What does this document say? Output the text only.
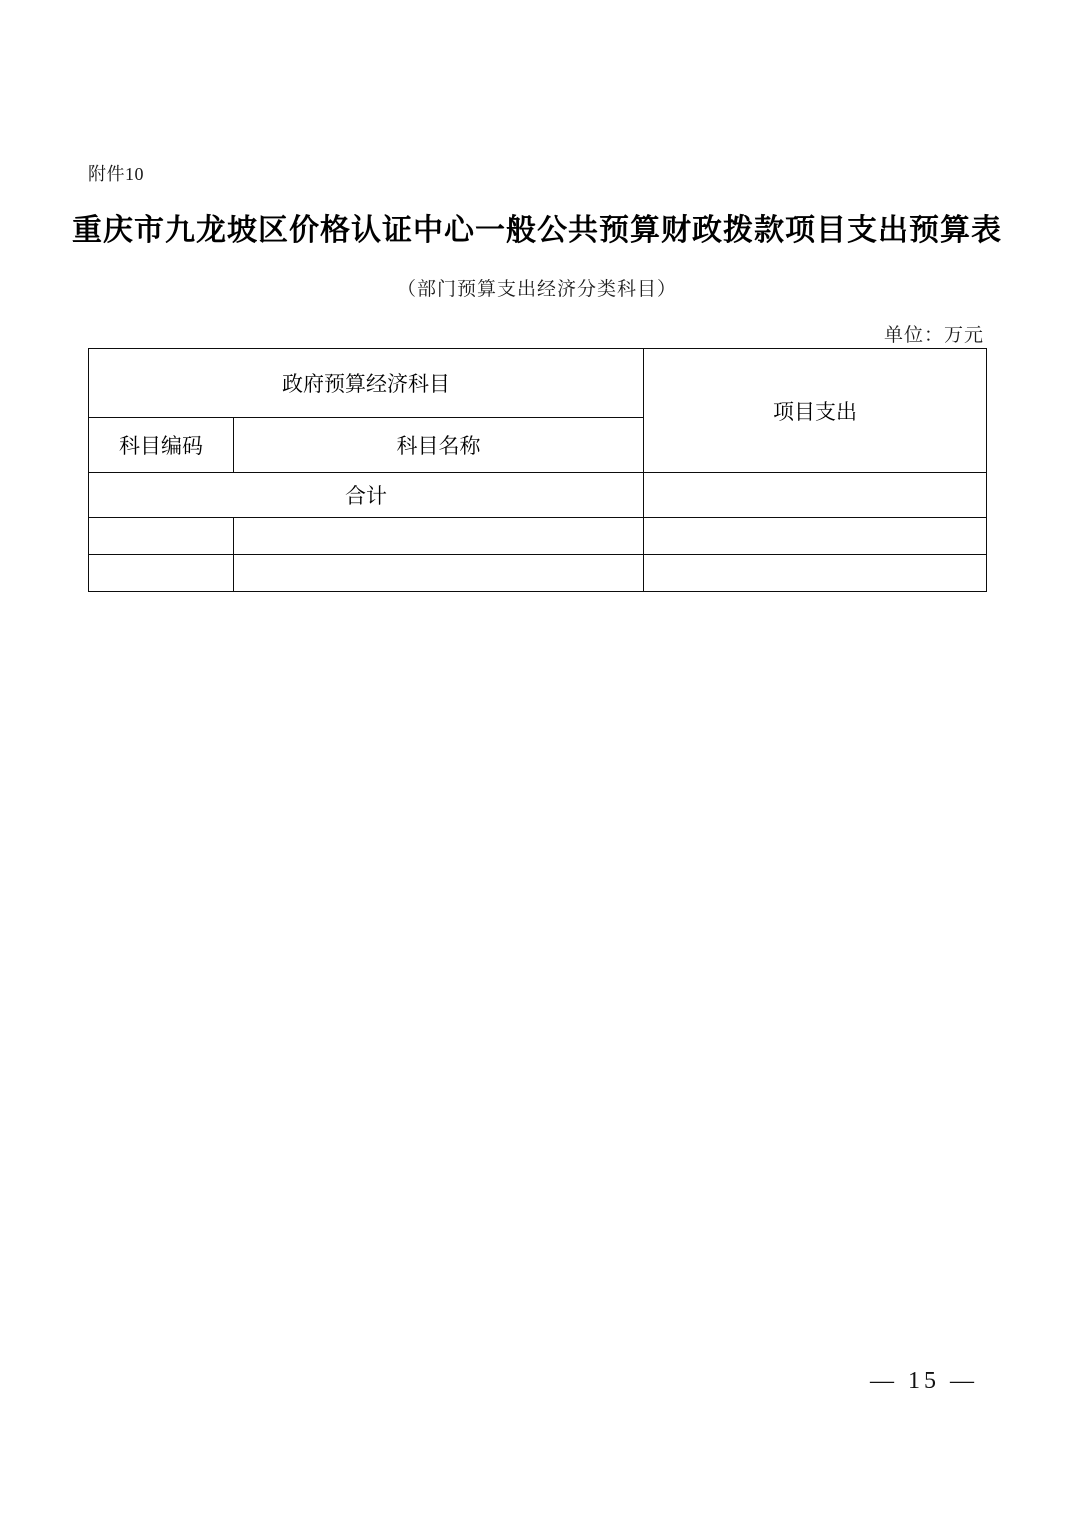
附件10
重庆市九龙坡区价格认证中心一般公共预算财政拨款项目支出预算表
（部门预算支出经济分类科目）
单位：万元
政府预算经济科目		项目支出
科目编码	科目名称	
合计		

— 15 —
